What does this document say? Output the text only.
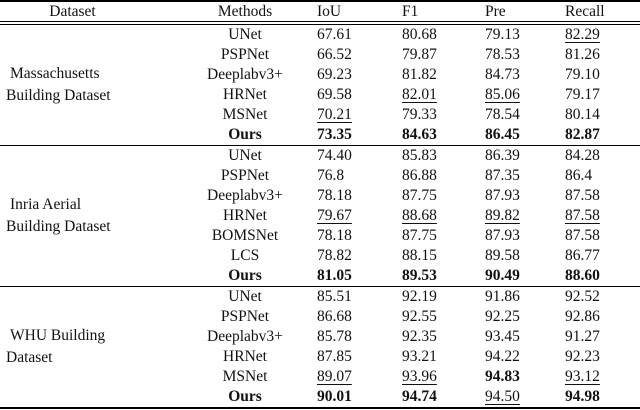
Dataset	Methods	IoU	F1	Pre	Recall
Massachusetts
Building Dataset
UNet	67.61	80.68	79.13	82.29
PSPNet	66.52	79.87	78.53	81.26
Deeplabv3+	69.23	81.82	84.73	79.10
HRNet	69.58	82.01	85.06	79.17
MSNet	70.21	79.33	78.54	80.14
Ours	73.35	84.63	86.45	82.87
Inria Aerial
Building Dataset
UNet	74.40	85.83	86.39	84.28
PSPNet	76.8	86.88	87.35	86.4
Deeplabv3+	78.18	87.75	87.93	87.58
HRNet	79.67	88.68	89.82	87.58
BOMSNet	78.18	87.75	87.93	87.58
LCS	78.82	88.15	89.58	86.77
Ours	81.05	89.53	90.49	88.60
WHU Building
Dataset
UNet	85.51	92.19	91.86	92.52
PSPNet	86.68	92.55	92.25	92.86
Deeplabv3+	85.78	92.35	93.45	91.27
HRNet	87.85	93.21	94.22	92.23
MSNet	89.07	93.96	94.83	93.12
Ours	90.01	94.74	94.50	94.98
